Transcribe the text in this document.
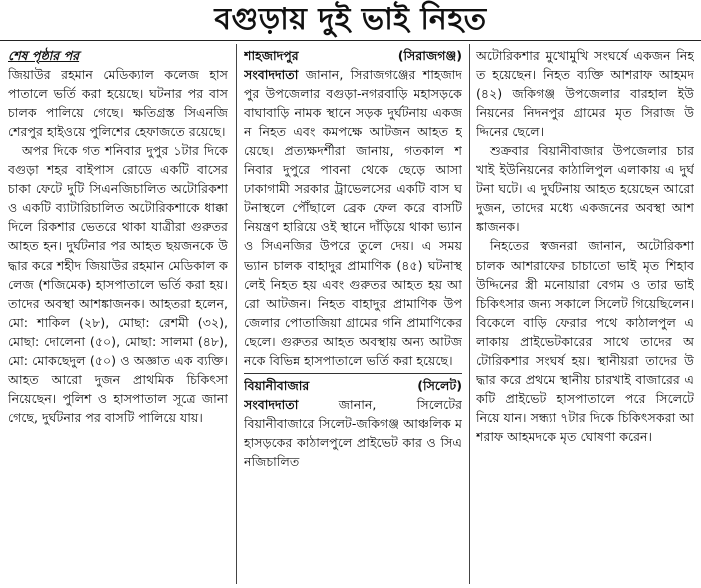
বগুড়ায় দুই ভাই নিহত
শেষ পৃষ্ঠার পর

জিয়াউর রহমান মেডিক্যাল কলেজ হাসপাতালে ভর্তি করা হয়েছে। ঘটনার পর বাস চালক পালিয়ে গেছে। ক্ষতিগ্রস্ত সিএনজি শেরপুর হাইওয়ে পুলিশের হেফাজতে রয়েছে।

অপর দিকে গত শনিবার দুপুর ১টার দিকে বগুড়া শহর বাইপাস রোডে একটি বাসের চাকা ফেটে দুটি সিএনজিচালিত অটোরিকশা ও একটি ব্যাটারিচালিত অটোরিকশাকে ধাক্কা দিলে রিকশার ভেতরে থাকা যাত্রীরা গুরুতর আহত হন। দুর্ঘটনার পর আহত ছয়জনকে উদ্ধার করে শহীদ জিয়াউর রহমান মেডিকাল কলেজ (শজিমেক) হাসপাতালে ভর্তি করা হয়। তাদের অবস্থা আশঙ্কাজনক। আহতরা হলেন, মো: শাকিল (২৮), মোছা: রেশমী (৩২), মোছা: দোলেনা (৫০), মোছা: সালমা (৪৮), মো: মোকছেদুল (৫০) ও অজ্ঞাত এক ব্যক্তি। আহত আরো দুজন প্রাথমিক চিকিৎসা নিয়েছেন। পুলিশ ও হাসপাতাল সূত্রে জানা গেছে, দুর্ঘটনার পর বাসটি পালিয়ে যায়।

শাহজাদপুর	(সিরাজগঞ্জ)

সংবাদদাতা জানান, সিরাজগঞ্জের শাহজাদপুর উপজেলার বগুড়া-নগরবাড়ি মহাসড়কে বাঘাবাড়ি নামক স্থানে সড়ক দুর্ঘটনায় একজন নিহত এবং কমপক্ষে আটজন আহত হয়েছে। প্রত্যক্ষদর্শীরা জানায়, গতকাল শনিবার দুপুরে পাবনা থেকে ছেড়ে আসা ঢাকাগামী সরকার ট্রাভেলসের একটি বাস ঘটনাস্থলে পৌঁছালে ব্রেক ফেল করে বাসটি নিয়ন্ত্রণ হারিয়ে ওই স্থানে দাঁড়িয়ে থাকা ভ্যান ও সিএনজির উপরে তুলে দেয়। এ সময় ভ্যান চালক বাহাদুর প্রামাণিক (৪৫) ঘটনাস্থলেই নিহত হয় এবং গুরুতর আহত হয় আরো আটজন। নিহত বাহাদুর প্রামাণিক উপজেলার পোতাজিয়া গ্রামের গনি প্রামাণিকের ছেলে। গুরুতর আহত অবস্থায় অন্য আটজনকে বিভিন্ন হাসপাতালে ভর্তি করা হয়েছে।

বিয়ানীবাজার	(সিলেট)

সংবাদদাতা	জানান, সিলেটের বিয়ানীবাজারে সিলেট-জকিগঞ্জ আঞ্চলিক মহাসড়কের কাঠালপুলে প্রাইভেট কার ও সিএনজিচালিত

অটোরিকশার মুখোমুখি সংঘর্ষে একজন নিহত হয়েছেন। নিহত ব্যক্তি আশরাফ আহমদ (৪২) জকিগঞ্জ উপজেলার বারহাল ইউনিয়নের নিদনপুর গ্রামের মৃত সিরাজ উদ্দিনের ছেলে।

শুক্রবার বিয়ানীবাজার উপজেলার চারখাই ইউনিয়নের কাঠালিপুল এলাকায় এ দুর্ঘটনা ঘটে। এ দুর্ঘটনায় আহত হয়েছেন আরো দুজন, তাদের মধ্যে একজনের অবস্থা আশঙ্কাজনক।

নিহতের স্বজনরা জানান, অটোরিকশা চালক আশরাফের চাচাতো ভাই মৃত শিহাব উদ্দিনের স্ত্রী মনোয়ারা বেগম ও তার ভাই চিকিৎসার জন্য সকালে সিলেট গিয়েছিলেন। বিকেলে বাড়ি ফেরার পথে কাঠালপুল এলাকায় প্রাইভেটকারের সাথে তাদের অটোরিকশার সংঘর্ষ হয়। স্থানীয়রা তাদের উদ্ধার করে প্রথমে স্থানীয় চারখাই বাজারের একটি প্রাইভেট হাসপাতালে পরে সিলেটে নিয়ে যান। সন্ধ্যা ৭টার দিকে চিকিৎসকরা আশরাফ আহমদকে মৃত ঘোষণা করেন।
